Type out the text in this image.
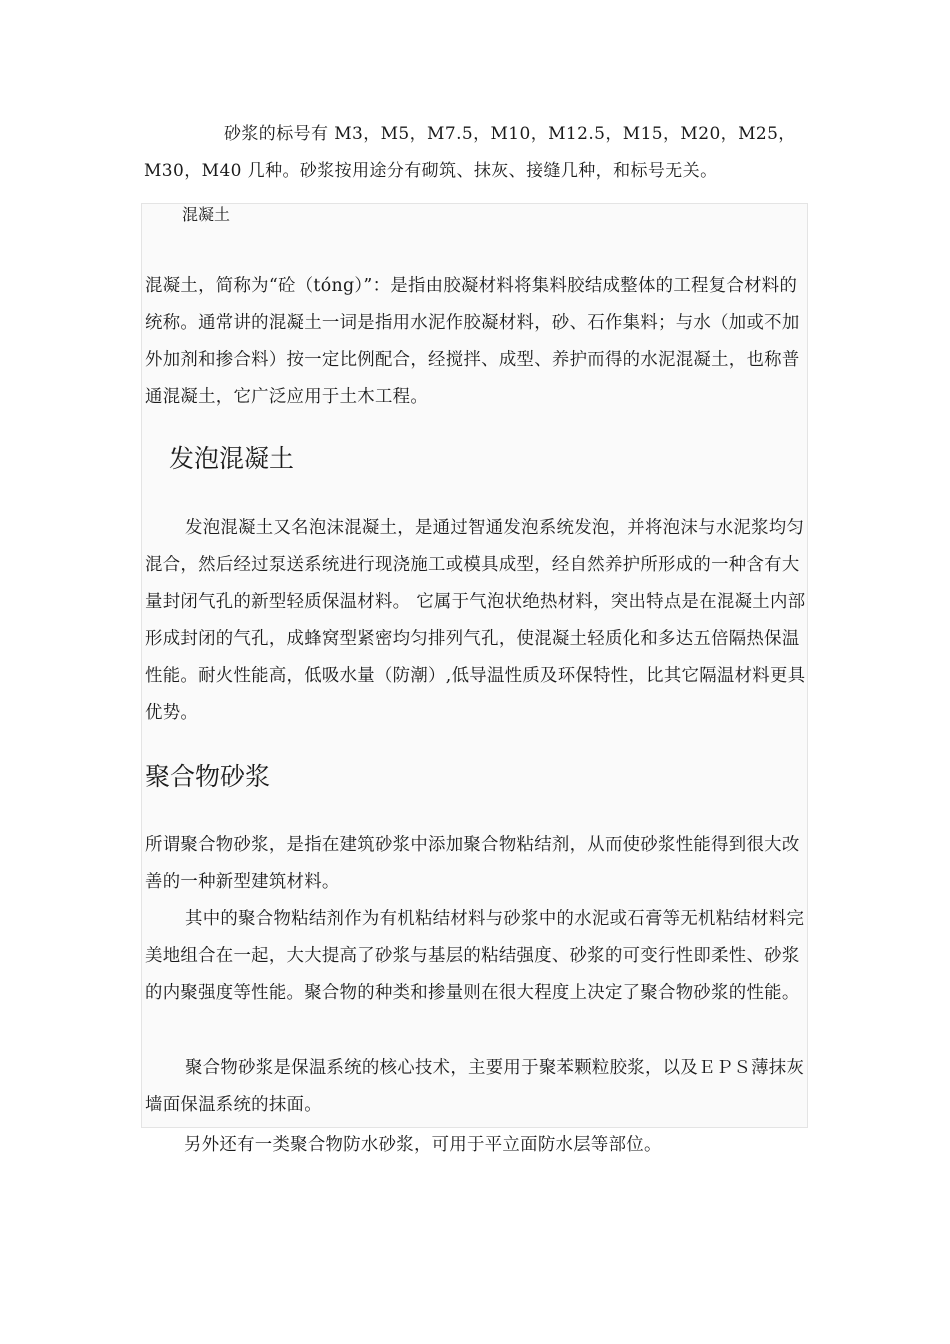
砂浆的标号有 M3，M5，M7.5，M10，M12.5，M15，M20，M25，M30，M40 几种。砂浆按用途分有砌筑、抹灰、接缝几种，和标号无关。

混凝土

混凝土，简称为“砼（tóng）”：是指由胶凝材料将集料胶结成整体的工程复合材料的统称。通常讲的混凝土一词是指用水泥作胶凝材料，砂、石作集料；与水（加或不加外加剂和掺合料）按一定比例配合，经搅拌、成型、养护而得的水泥混凝土，也称普通混凝土，它广泛应用于土木工程。

发泡混凝土

发泡混凝土又名泡沫混凝土，是通过智通发泡系统发泡，并将泡沫与水泥浆均匀混合，然后经过泵送系统进行现浇施工或模具成型，经自然养护所形成的一种含有大量封闭气孔的新型轻质保温材料。 它属于气泡状绝热材料，突出特点是在混凝土内部形成封闭的气孔，成蜂窝型紧密均匀排列气孔，使混凝土轻质化和多达五倍隔热保温性能。耐火性能高，低吸水量（防潮）,低导温性质及环保特性，比其它隔温材料更具优势。

聚合物砂浆

所谓聚合物砂浆，是指在建筑砂浆中添加聚合物粘结剂，从而使砂浆性能得到很大改善的一种新型建筑材料。

其中的聚合物粘结剂作为有机粘结材料与砂浆中的水泥或石膏等无机粘结材料完美地组合在一起，大大提高了砂浆与基层的粘结强度、砂浆的可变行性即柔性、砂浆的内聚强度等性能。聚合物的种类和掺量则在很大程度上决定了聚合物砂浆的性能。

聚合物砂浆是保温系统的核心技术，主要用于聚苯颗粒胶浆，以及ＥＰＳ薄抹灰墙面保温系统的抹面。

另外还有一类聚合物防水砂浆，可用于平立面防水层等部位。
